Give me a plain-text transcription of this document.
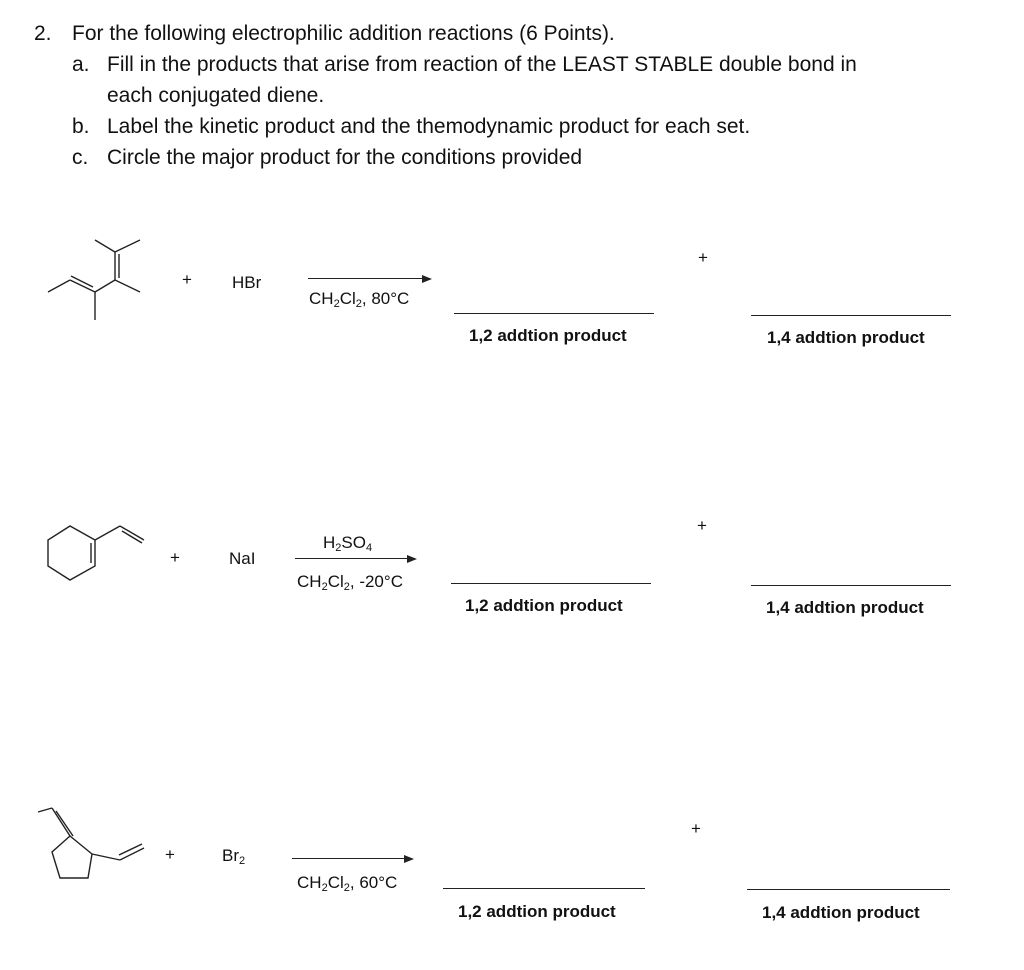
2. For the following electrophilic addition reactions (6 Points).
a. Fill in the products that arise from reaction of the LEAST STABLE double bond in
each conjugated diene.
b. Label the kinetic product and the themodynamic product for each set.
c. Circle the major product for the conditions provided
+ HBr
$CH_2Cl_2$, 80°C
1,2 addtion product
+
1,4 addtion product
+	NaI
$H_2SO_4$
$CH_2Cl_2$, -20°C
1,2 addtion product
+
1,4 addtion product
+	$Br_2$
$CH_2Cl_2$, 60°C
1,2 addtion product
+
1,4 addtion product
